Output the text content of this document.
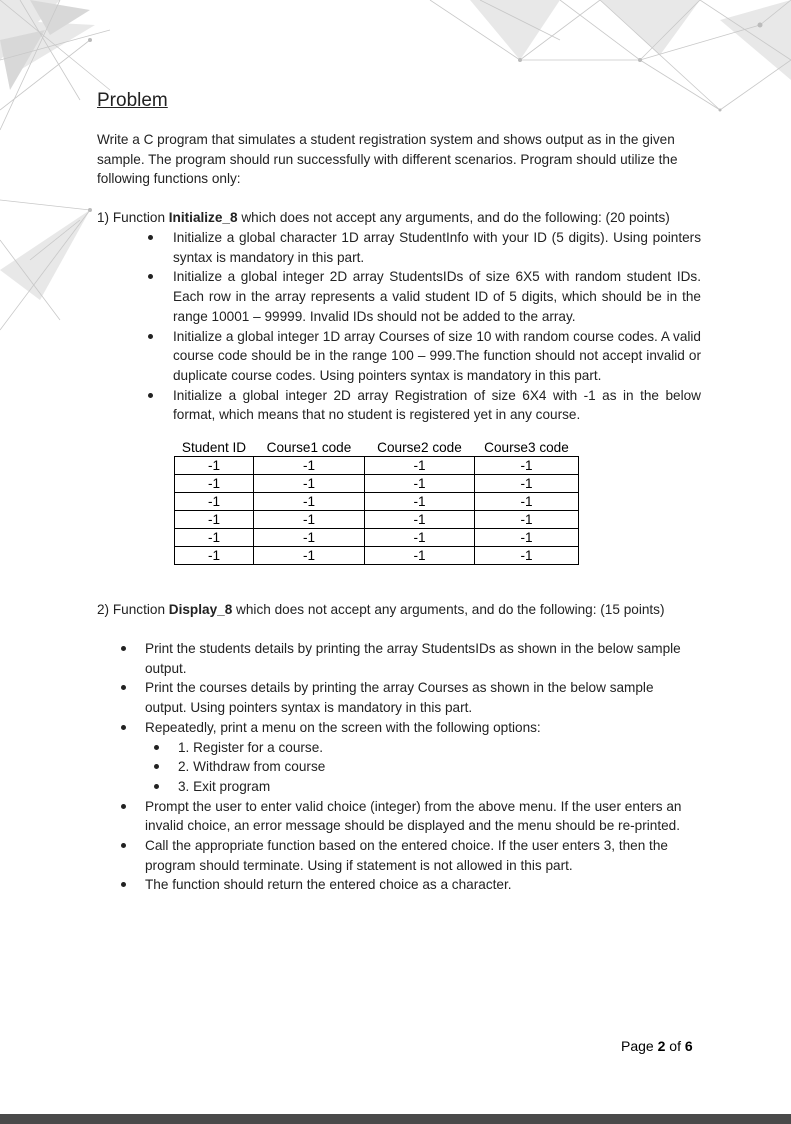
Problem
Write a C program that simulates a student registration system and shows output as in the given sample. The program should run successfully with different scenarios. Program should utilize the following functions only:
1) Function Initialize_8 which does not accept any arguments, and do the following: (20 points)
Initialize a global character 1D array StudentInfo with your ID (5 digits). Using pointers syntax is mandatory in this part.
Initialize a global integer 2D array StudentsIDs of size 6X5 with random student IDs. Each row in the array represents a valid student ID of 5 digits, which should be in the range 10001 – 99999. Invalid IDs should not be added to the array.
Initialize a global integer 1D array Courses of size 10 with random course codes. A valid course code should be in the range 100 – 999.The function should not accept invalid or duplicate course codes. Using pointers syntax is mandatory in this part.
Initialize a global integer 2D array Registration of size 6X4 with -1 as in the below format, which means that no student is registered yet in any course.
Student ID	Course1 code	Course2 code	Course3 code
-1	-1	-1	-1
-1	-1	-1	-1
-1	-1	-1	-1
-1	-1	-1	-1
-1	-1	-1	-1
-1	-1	-1	-1
2) Function Display_8 which does not accept any arguments, and do the following: (15 points)
Print the students details by printing the array StudentsIDs as shown in the below sample output.
Print the courses details by printing the array Courses as shown in the below sample output. Using pointers syntax is mandatory in this part.
Repeatedly, print a menu on the screen with the following options:
1. Register for a course.
2. Withdraw from course
3. Exit program
Prompt the user to enter valid choice (integer) from the above menu. If the user enters an invalid choice, an error message should be displayed and the menu should be re-printed.
Call the appropriate function based on the entered choice. If the user enters 3, then the program should terminate. Using if statement is not allowed in this part.
The function should return the entered choice as a character.
Page 2 of 6
